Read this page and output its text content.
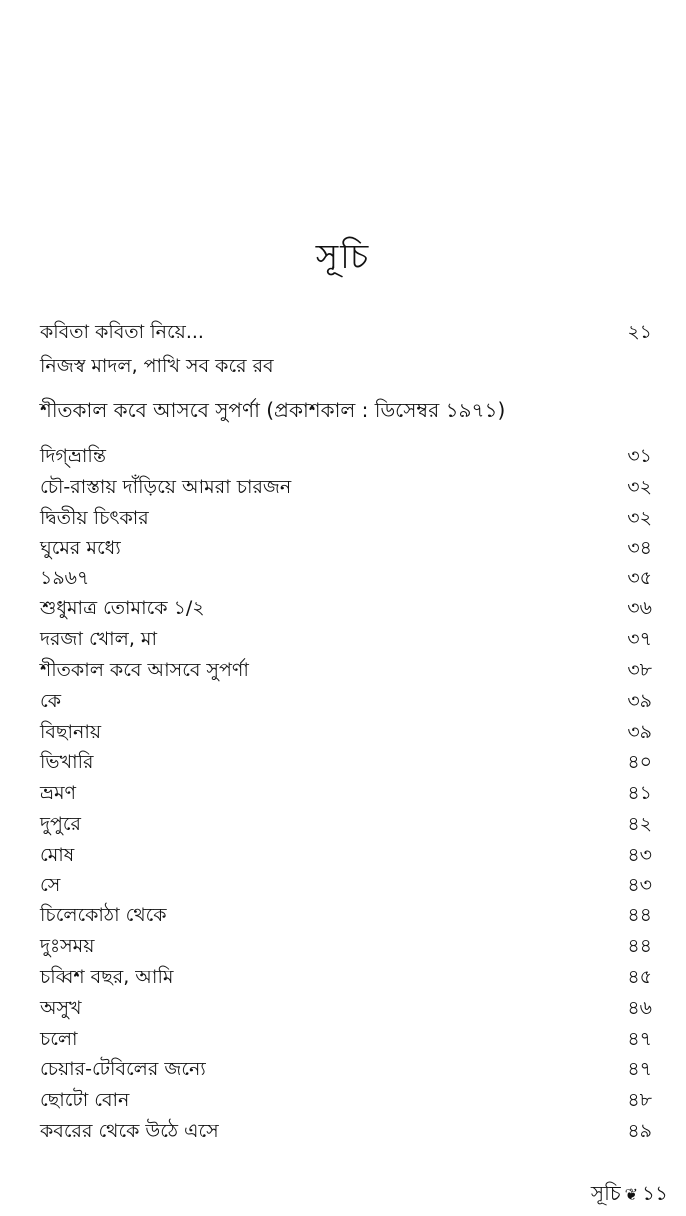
সূচি
কবিতা কবিতা নিয়ে...	২১
নিজস্ব মাদল, পাখি সব করে রব
শীতকাল কবে আসবে সুপর্ণা (প্রকাশকাল : ডিসেম্বর ১৯৭১)
দিগ্‌ভ্রান্তি	৩১
চৌ-রাস্তায় দাঁড়িয়ে আমরা চারজন	৩২
দ্বিতীয় চিৎকার	৩২
ঘুমের মধ্যে	৩৪
১৯৬৭	৩৫
শুধুমাত্র তোমাকে ১/২	৩৬
দরজা খোল, মা	৩৭
শীতকাল কবে আসবে সুপর্ণা	৩৮
কে	৩৯
বিছানায়	৩৯
ভিখারি	৪০
ভ্রমণ	৪১
দুপুরে	৪২
মোষ	৪৩
সে	৪৩
চিলেকোঠা থেকে	৪৪
দুঃসময়	৪৪
চব্বিশ বছর, আমি	৪৫
অসুখ	৪৬
চলো	৪৭
চেয়ার-টেবিলের জন্যে	৪৭
ছোটো বোন	৪৮
কবরের থেকে উঠে এসে	৪৯
সূচি ❦ ১১
